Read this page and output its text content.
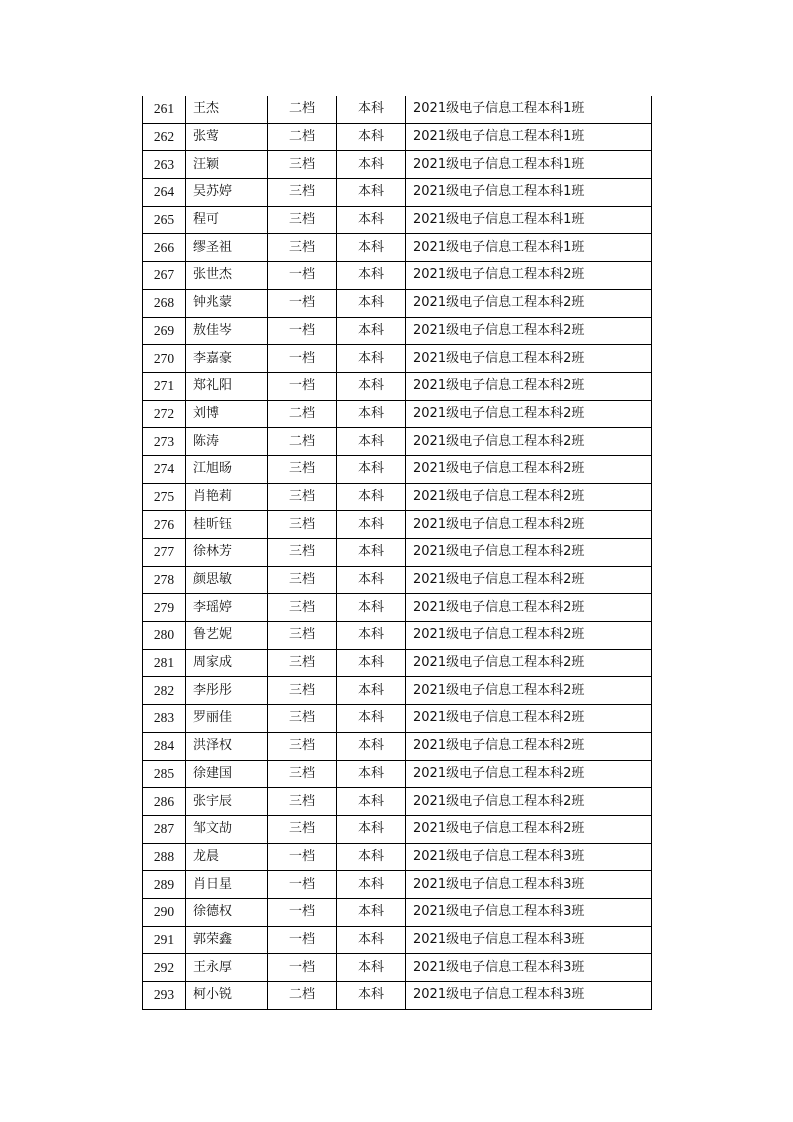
261	王杰	二档	本科	2021级电子信息工程本科1班
262	张莺	二档	本科	2021级电子信息工程本科1班
263	汪颖	三档	本科	2021级电子信息工程本科1班
264	吴苏婷	三档	本科	2021级电子信息工程本科1班
265	程可	三档	本科	2021级电子信息工程本科1班
266	缪圣祖	三档	本科	2021级电子信息工程本科1班
267	张世杰	一档	本科	2021级电子信息工程本科2班
268	钟兆蒙	一档	本科	2021级电子信息工程本科2班
269	敖佳岑	一档	本科	2021级电子信息工程本科2班
270	李嘉豪	一档	本科	2021级电子信息工程本科2班
271	郑礼阳	一档	本科	2021级电子信息工程本科2班
272	刘博	二档	本科	2021级电子信息工程本科2班
273	陈涛	二档	本科	2021级电子信息工程本科2班
274	江旭旸	三档	本科	2021级电子信息工程本科2班
275	肖艳莉	三档	本科	2021级电子信息工程本科2班
276	桂昕钰	三档	本科	2021级电子信息工程本科2班
277	徐林芳	三档	本科	2021级电子信息工程本科2班
278	颜思敏	三档	本科	2021级电子信息工程本科2班
279	李瑶婷	三档	本科	2021级电子信息工程本科2班
280	鲁艺妮	三档	本科	2021级电子信息工程本科2班
281	周家成	三档	本科	2021级电子信息工程本科2班
282	李彤彤	三档	本科	2021级电子信息工程本科2班
283	罗丽佳	三档	本科	2021级电子信息工程本科2班
284	洪泽权	三档	本科	2021级电子信息工程本科2班
285	徐建国	三档	本科	2021级电子信息工程本科2班
286	张宇辰	三档	本科	2021级电子信息工程本科2班
287	邹文劼	三档	本科	2021级电子信息工程本科2班
288	龙晨	一档	本科	2021级电子信息工程本科3班
289	肖日星	一档	本科	2021级电子信息工程本科3班
290	徐德权	一档	本科	2021级电子信息工程本科3班
291	郭荣鑫	一档	本科	2021级电子信息工程本科3班
292	王永厚	一档	本科	2021级电子信息工程本科3班
293	柯小锐	二档	本科	2021级电子信息工程本科3班
